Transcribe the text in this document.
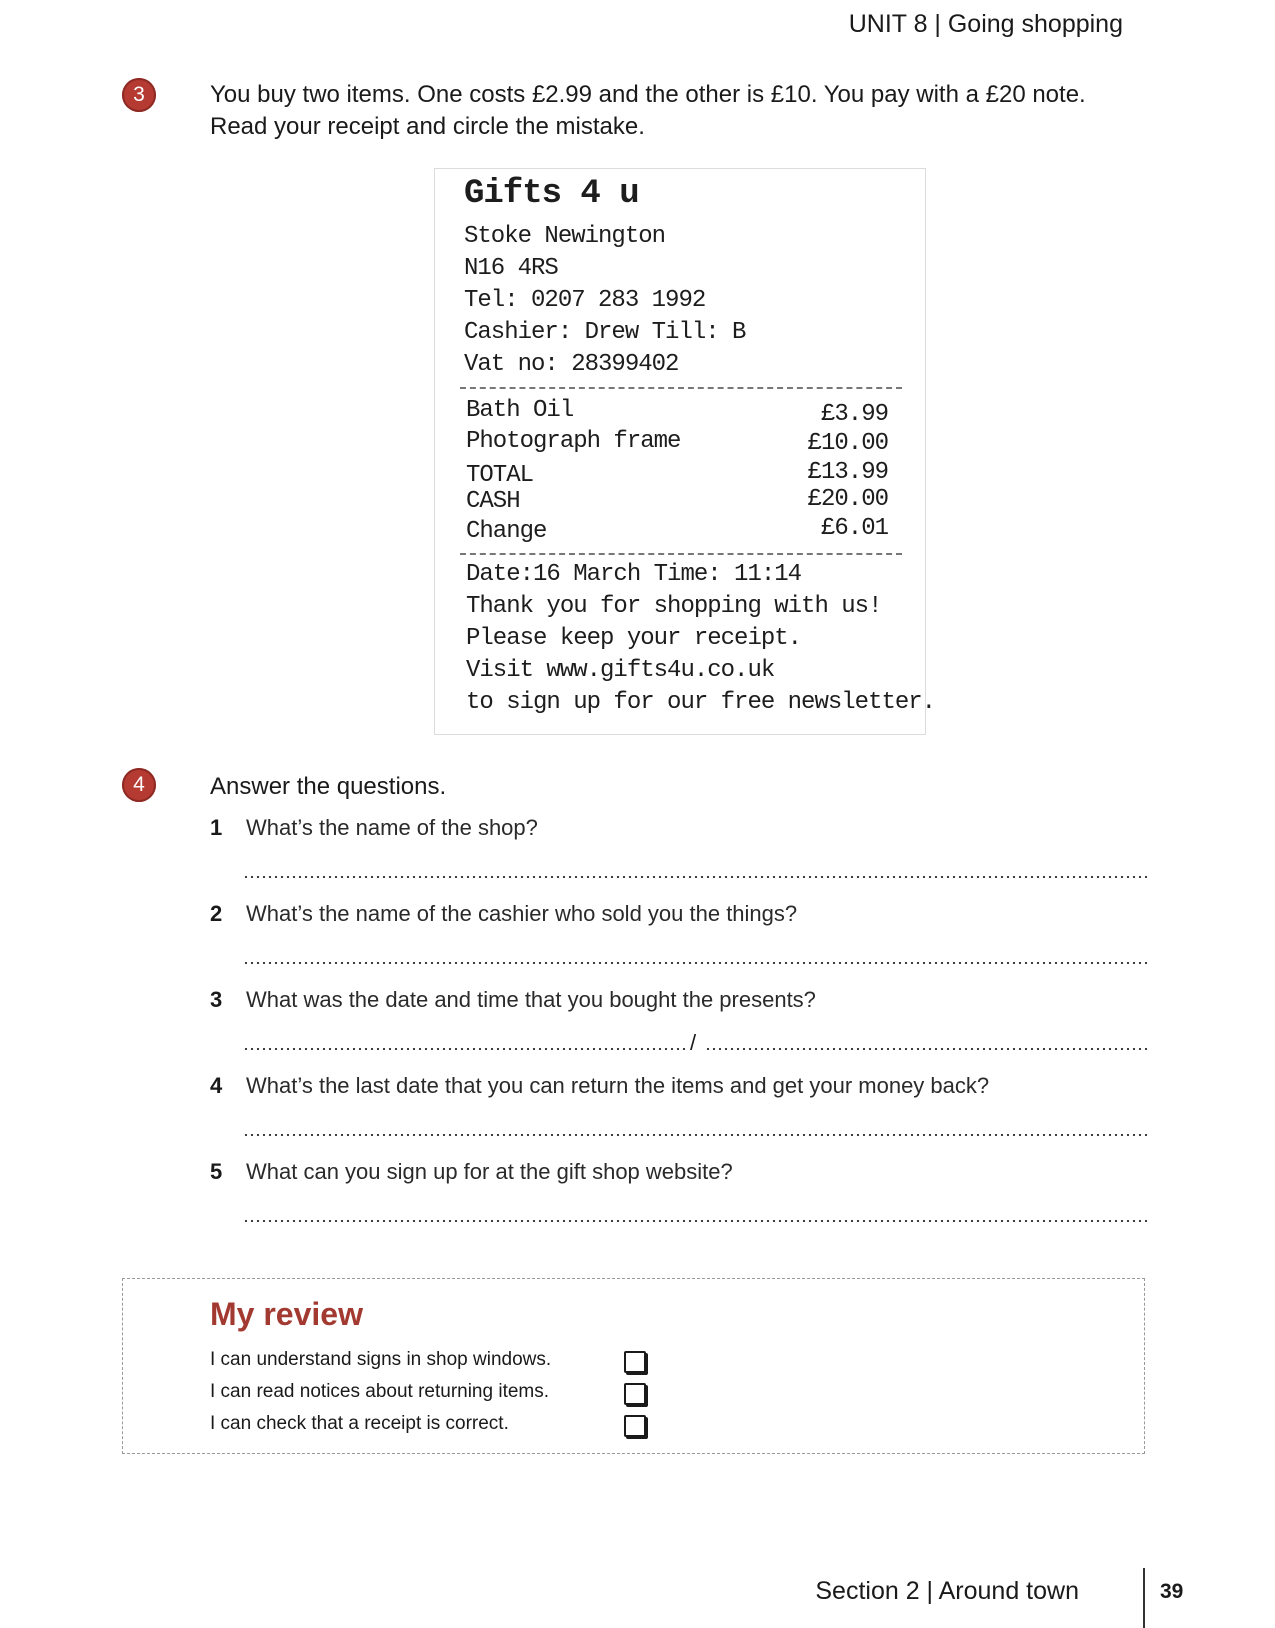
UNIT 8 | Going shopping
3	You buy two items. One costs £2.99 and the other is £10. You pay with a £20 note.
Read your receipt and circle the mistake.
Gifts 4 u
Stoke Newington
N16 4RS
Tel: 0207 283 1992
Cashier: Drew Till: B
Vat no: 28399402
Bath Oil	£3.99
Photograph frame	£10.00
TOTAL	£13.99
CASH	£20.00
Change	£6.01
Date:16 March Time: 11:14
Thank you for shopping with us!
Please keep your receipt.
Visit www.gifts4u.co.uk
to sign up for our free newsletter.
4	Answer the questions.
1 What’s the name of the shop?
2 What’s the name of the cashier who sold you the things?
3 What was the date and time that you bought the presents?
/
4 What’s the last date that you can return the items and get your money back?
5 What can you sign up for at the gift shop website?
My review
I can understand signs in shop windows.
I can read notices about returning items.
I can check that a receipt is correct.
Section 2 | Around town	39
